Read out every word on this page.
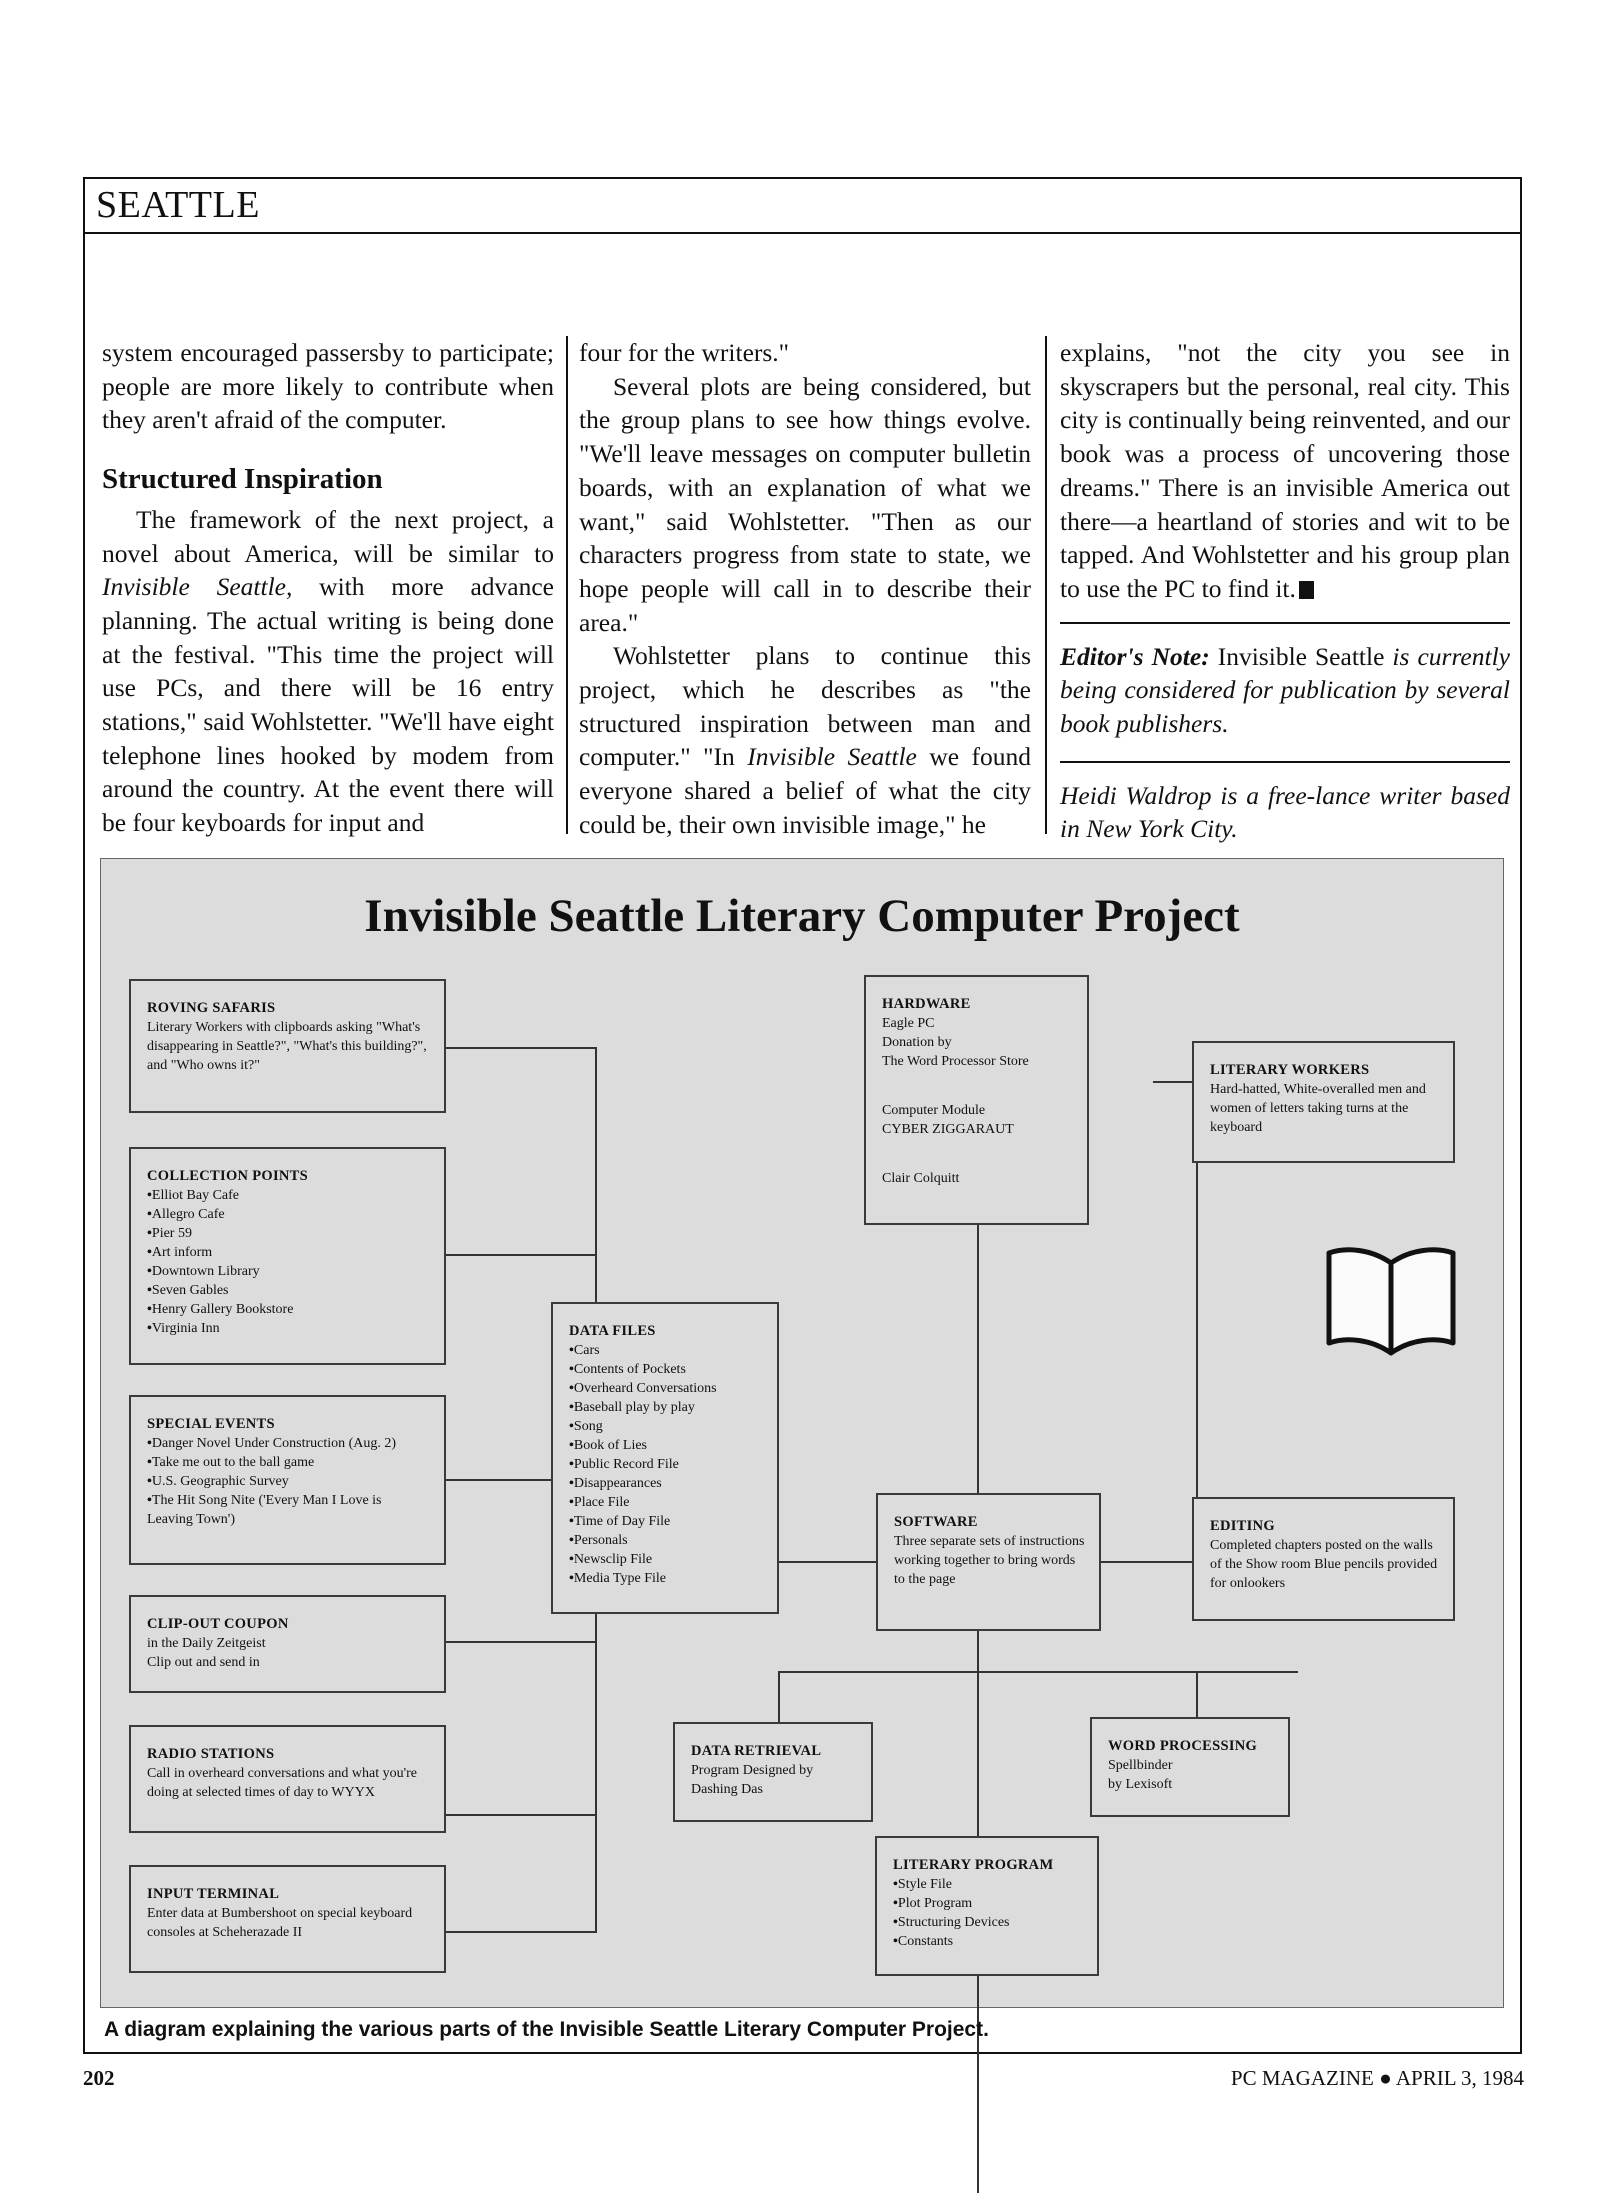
SEATTLE

system encouraged passersby to participate; people are more likely to contribute when they aren't afraid of the computer.

Structured Inspiration

The framework of the next project, a novel about America, will be similar to Invisible Seattle, with more advance planning. The actual writing is being done at the festival. "This time the project will use PCs, and there will be 16 entry stations," said Wohlstetter. "We'll have eight telephone lines hooked by modem from around the country. At the event there will be four keyboards for input and

four for the writers."

Several plots are being considered, but the group plans to see how things evolve. "We'll leave messages on computer bulletin boards, with an explanation of what we want," said Wohlstetter. "Then as our characters progress from state to state, we hope people will call in to describe their area."

Wohlstetter plans to continue this project, which he describes as "the structured inspiration between man and computer." "In Invisible Seattle we found everyone shared a belief of what the city could be, their own invisible image," he

explains, "not the city you see in skyscrapers but the personal, real city. This city is continually being reinvented, and our book was a process of uncovering those dreams." There is an invisible America out there—a heartland of stories and wit to be tapped. And Wohlstetter and his group plan to use the PC to find it.

Editor's Note: Invisible Seattle is currently being considered for publication by several book publishers.

Heidi Waldrop is a free-lance writer based in New York City.

Invisible Seattle Literary Computer Project
ROVING SAFARIS
Literary Workers with clipboards asking "What's disappearing in Seattle?", "What's this building?", and "Who owns it?"
COLLECTION POINTS
• Elliot Bay Cafe
• Allegro Cafe
• Pier 59
• Art inform
• Downtown Library
• Seven Gables
• Henry Gallery Bookstore
• Virginia Inn
SPECIAL EVENTS
• Danger Novel Under Construction (Aug. 2)
• Take me out to the ball game
• U.S. Geographic Survey
• The Hit Song Nite ('Every Man I Love is Leaving Town')
CLIP-OUT COUPON
in the Daily Zeitgeist
Clip out and send in
RADIO STATIONS
Call in overheard conversations and what you're doing at selected times of day to WYYX
INPUT TERMINAL
Enter data at Bumbershoot on special keyboard consoles at Scheherazade II
DATA FILES
• Cars
• Contents of Pockets
• Overheard Conversations
• Baseball play by play
• Song
• Book of Lies
• Public Record File
• Disappearances
• Place File
• Time of Day File
• Personals
• Newsclip File
• Media Type File
HARDWARE
Eagle PC
Donation by
The Word Processor Store
Computer Module
CYBER ZIGGARAUT
Clair Colquitt
SOFTWARE
Three separate sets of instructions working together to bring words to the page
LITERARY WORKERS
Hard-hatted, White-overalled men and women of letters taking turns at the keyboard
EDITING
Completed chapters posted on the walls of the Show room Blue pencils provided for onlookers
DATA RETRIEVAL
Program Designed by
Dashing Das
WORD PROCESSING
Spellbinder
by Lexisoft
LITERARY PROGRAM
• Style File
• Plot Program
• Structuring Devices
• Constants
A diagram explaining the various parts of the Invisible Seattle Literary Computer Project.
202	PC MAGAZINE ● APRIL 3, 1984
